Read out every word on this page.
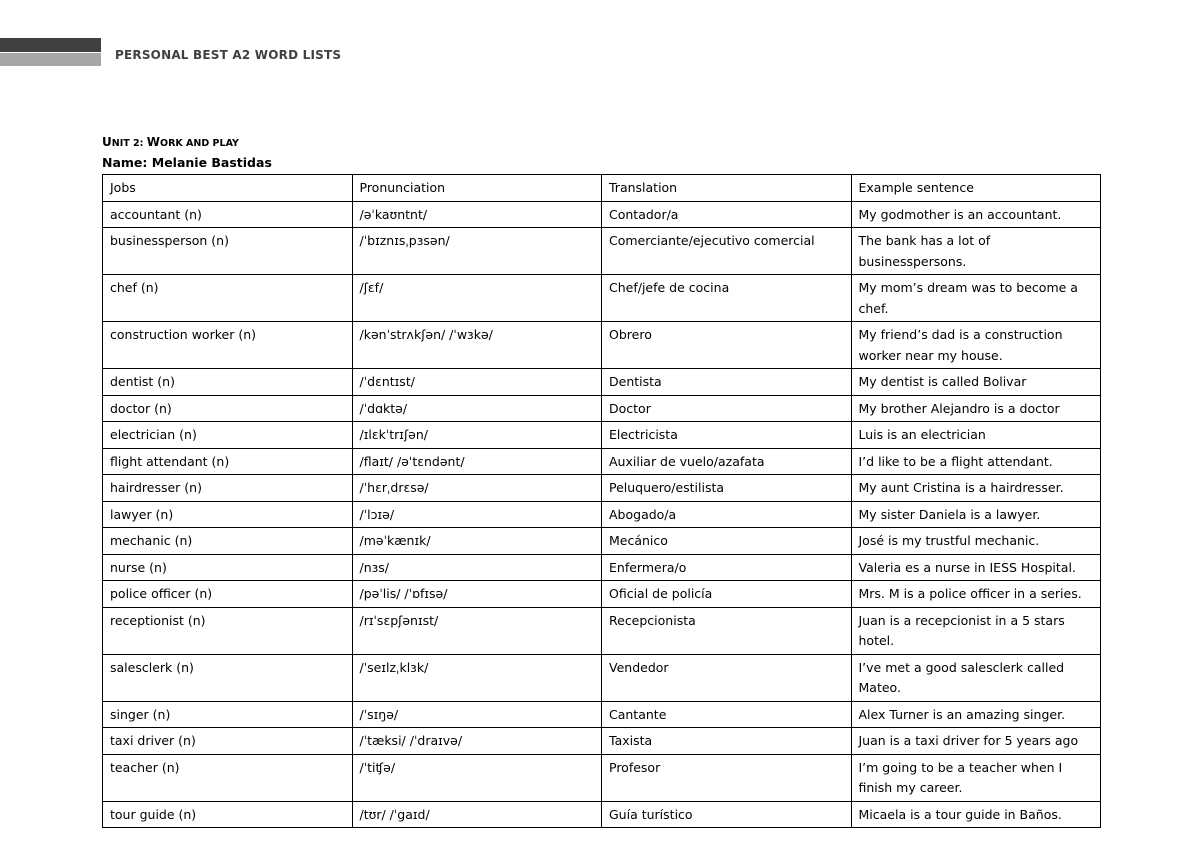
PERSONAL BEST A2 WORD LISTS
UNIT 2: WORK AND PLAY
Name: Melanie Bastidas
Jobs	Pronunciation	Translation	Example sentence
accountant (n)	/əˈkaʊntnt/	Contador/a	My godmother is an accountant.
businessperson (n)	/ˈbɪznɪsˌpɜsən/	Comerciante/ejecutivo comercial	The bank has a lot of businesspersons.
chef (n)	/ʃɛf/	Chef/jefe de cocina	My mom’s dream was to become a chef.
construction worker (n)	/kənˈstrʌkʃən/ /ˈwɜkə/	Obrero	My friend’s dad is a construction worker near my house.
dentist (n)	/ˈdɛntɪst/	Dentista	My dentist is called Bolivar
doctor (n)	/ˈdɑktə/	Doctor	My brother Alejandro is a doctor
electrician (n)	/ɪlɛkˈtrɪʃən/	Electricista	Luis is an electrician
flight attendant (n)	/flaɪt/ /əˈtɛndənt/	Auxiliar de vuelo/azafata	I’d like to be a flight attendant.
hairdresser (n)	/ˈhɛrˌdrɛsə/	Peluquero/estilista	My aunt Cristina is a hairdresser.
lawyer (n)	/ˈlɔɪə/	Abogado/a	My sister Daniela is a lawyer.
mechanic (n)	/məˈkænɪk/	Mecánico	José is my trustful mechanic.
nurse (n)	/nɜs/	Enfermera/o	Valeria es a nurse in IESS Hospital.
police officer (n)	/pəˈlis/ /ˈɒfɪsə/	Oficial de policía	Mrs. M is a police officer in a series.
receptionist (n)	/rɪˈsɛpʃənɪst/	Recepcionista	Juan is a recepcionist in a 5 stars hotel.
salesclerk (n)	/ˈseɪlzˌklɜk/	Vendedor	I’ve met a good salesclerk called Mateo.
singer (n)	/ˈsɪŋə/	Cantante	Alex Turner is an amazing singer.
taxi driver (n)	/ˈtæksi/ /ˈdraɪvə/	Taxista	Juan is a taxi driver for 5 years ago
teacher (n)	/ˈtiʧə/	Profesor	I’m going to be a teacher when I finish my career.
tour guide (n)	/tʊr/ /ˈgaɪd/	Guía turístico	Micaela is a tour guide in Baños.
